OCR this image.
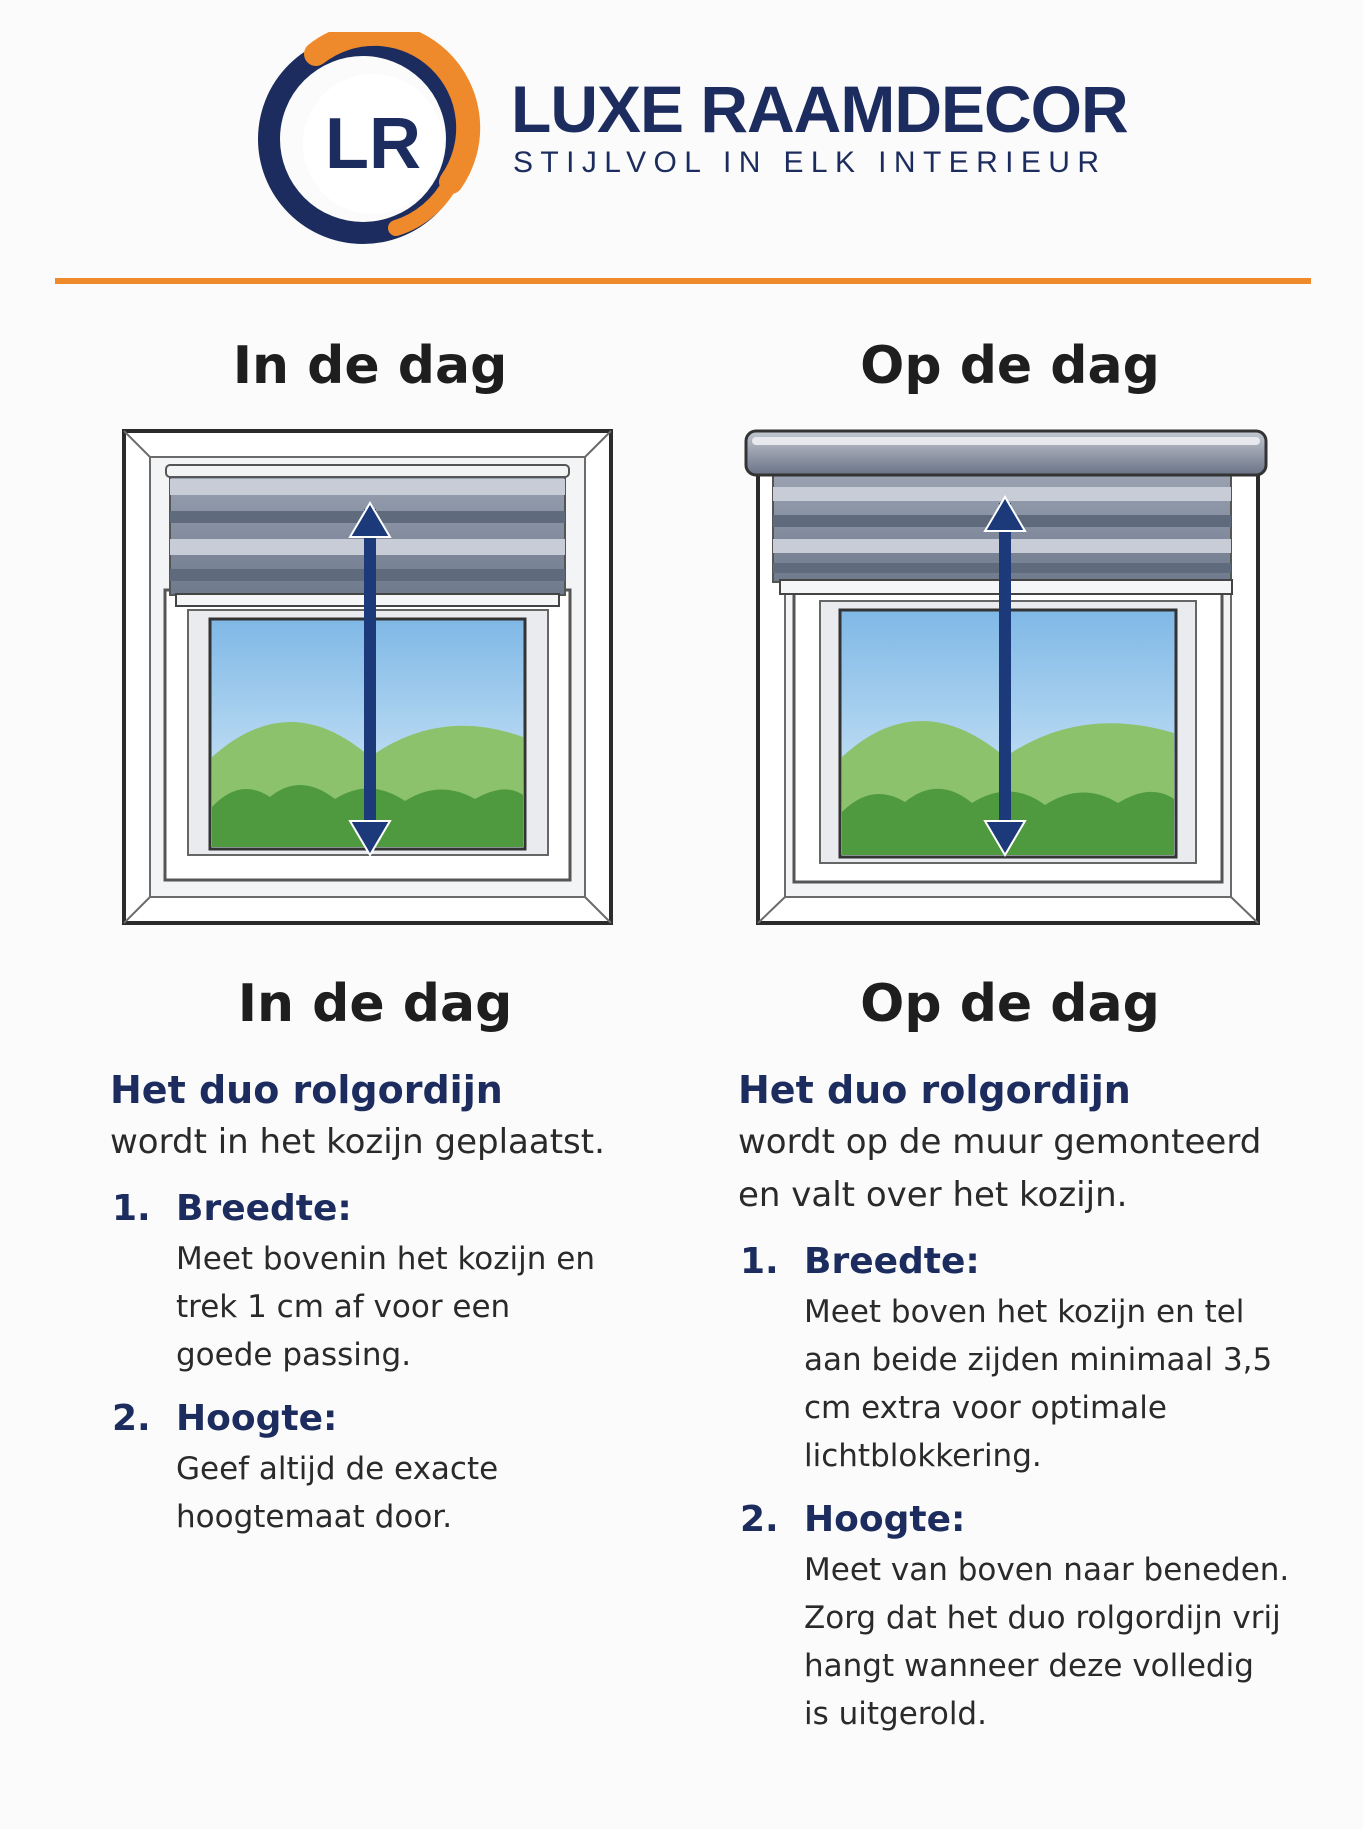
LR LUXE RAAMDECOR
STIJLVOL IN ELK INTERIEUR
In de dag	Op de dag
In de dag	Op de dag
Het duo rolgordijn
wordt in het kozijn geplaatst.
1. Breedte:
Meet bovenin het kozijn en
trek 1 cm af voor een
goede passing.
2. Hoogte:
Geef altijd de exacte
hoogtemaat door.
Het duo rolgordijn
wordt op de muur gemonteerd
en valt over het kozijn.
1. Breedte:
Meet boven het kozijn en tel
aan beide zijden minimaal 3,5
cm extra voor optimale
lichtblokkering.
2. Hoogte:
Meet van boven naar beneden.
Zorg dat het duo rolgordijn vrij
hangt wanneer deze volledig
is uitgerold.
